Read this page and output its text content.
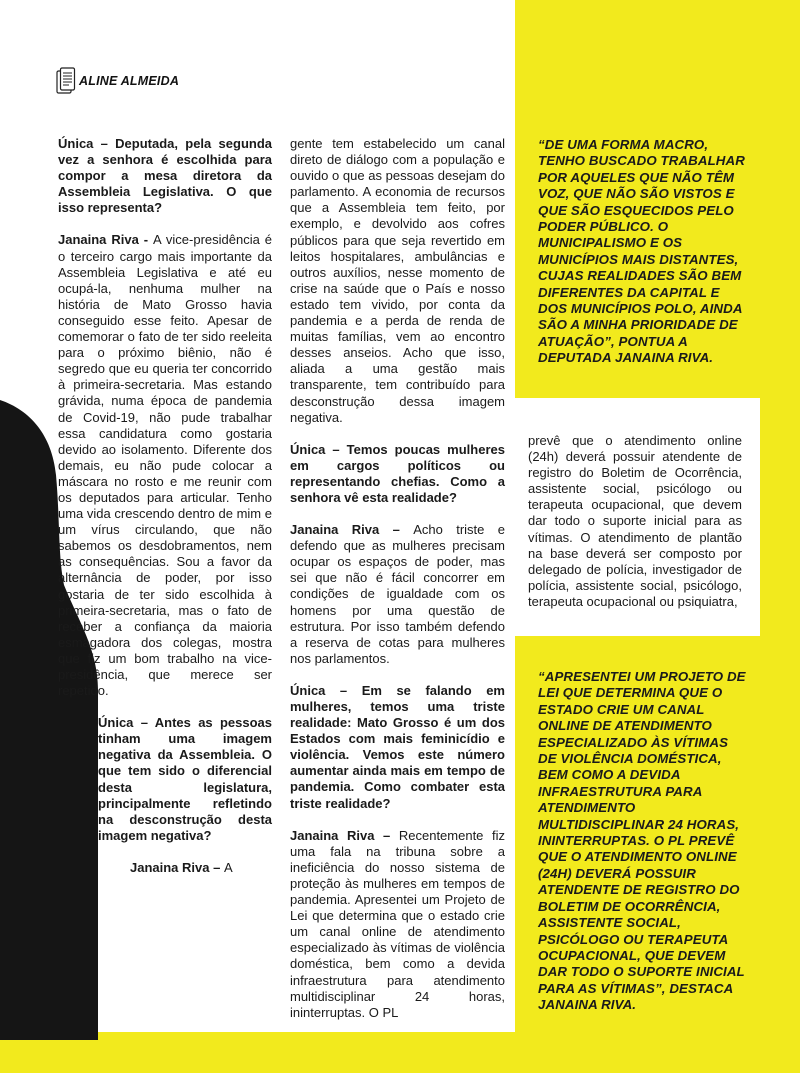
ALINE ALMEIDA

Única – Deputada, pela segunda vez a senhora é escolhida para compor a mesa diretora da Assembleia Legislativa. O que isso representa?

Janaina Riva - A vice-presidência é o terceiro cargo mais importante da Assembleia Legislativa e até eu ocupá-la, nenhuma mulher na história de Mato Grosso havia conseguido esse feito. Apesar de comemorar o fato de ter sido reeleita para o próximo biênio, não é segredo que eu queria ter concorrido à primeira-secretaria. Mas estando grávida, numa época de pandemia de Covid-19, não pude trabalhar essa candidatura como gostaria devido ao isolamento. Diferente dos demais, eu não pude colocar a máscara no rosto e me reunir com os deputados para articular. Tenho uma vida crescendo dentro de mim e um vírus circulando, que não sabemos os desdobramentos, nem as consequências. Sou a favor da alternância de poder, por isso gostaria de ter sido escolhida à primeira-secretaria, mas o fato de receber a confiança da maioria esmagadora dos colegas, mostra que fiz um bom trabalho na vice-presidência, que merece ser repetido.

Única – Antes as pessoas tinham uma imagem negativa da Assembleia. O que tem sido o diferencial desta legislatura, principalmente refletindo na desconstrução desta imagem negativa?

Janaina Riva – A

gente tem estabelecido um canal direto de diálogo com a população e ouvido o que as pessoas desejam do parlamento. A economia de recursos que a Assembleia tem feito, por exemplo, e devolvido aos cofres públicos para que seja revertido em leitos hospitalares, ambulâncias e outros auxílios, nesse momento de crise na saúde que o País e nosso estado tem vivido, por conta da pandemia e a perda de renda de muitas famílias, vem ao encontro desses anseios. Acho que isso, aliada a uma gestão mais transparente, tem contribuído para desconstrução dessa imagem negativa.

Única – Temos poucas mulheres em cargos políticos ou representando chefias. Como a senhora vê esta realidade?

Janaina Riva – Acho triste e defendo que as mulheres precisam ocupar os espaços de poder, mas sei que não é fácil concorrer em condições de igualdade com os homens por uma questão de estrutura. Por isso também defendo a reserva de cotas para mulheres nos parlamentos.

Única – Em se falando em mulheres, temos uma triste realidade: Mato Grosso é um dos Estados com mais feminicídio e violência. Vemos este número aumentar ainda mais em tempo de pandemia. Como combater esta triste realidade?

Janaina Riva – Recentemente fiz uma fala na tribuna sobre a ineficiência do nosso sistema de proteção às mulheres em tempos de pandemia. Apresentei um Projeto de Lei que determina que o estado crie um canal online de atendimento especializado às vítimas de violência doméstica, bem como a devida infraestrutura para atendimento multidisciplinar 24 horas, ininterruptas. O PL

prevê que o atendimento online (24h) deverá possuir atendente de registro do Boletim de Ocorrência, assistente social, psicólogo ou terapeuta ocupacional, que devem dar todo o suporte inicial para as vítimas. O atendimento de plantão na base deverá ser composto por delegado de polícia, investigador de polícia, assistente social, psicólogo, terapeuta ocupacional ou psiquiatra,

“DE UMA FORMA MACRO, TENHO BUSCADO TRABALHAR POR AQUELES QUE NÃO TÊM VOZ, QUE NÃO SÃO VISTOS E QUE SÃO ESQUECIDOS PELO PODER PÚBLICO. O MUNICIPALISMO E OS MUNICÍPIOS MAIS DISTANTES, CUJAS REALIDADES SÃO BEM DIFERENTES DA CAPITAL E DOS MUNICÍPIOS POLO, AINDA SÃO A MINHA PRIORIDADE DE ATUAÇÃO”, PONTUA A DEPUTADA JANAINA RIVA.
“APRESENTEI UM PROJETO DE LEI QUE DETERMINA QUE O ESTADO CRIE UM CANAL ONLINE DE ATENDIMENTO ESPECIALIZADO ÀS VÍTIMAS DE VIOLÊNCIA DOMÉSTICA, BEM COMO A DEVIDA INFRAESTRUTURA PARA ATENDIMENTO MULTIDISCIPLINAR 24 HORAS, ININTERRUPTAS. O PL PREVÊ QUE O ATENDIMENTO ONLINE (24H) DEVERÁ POSSUIR ATENDENTE DE REGISTRO DO BOLETIM DE OCORRÊNCIA, ASSISTENTE SOCIAL, PSICÓLOGO OU TERAPEUTA OCUPACIONAL, QUE DEVEM DAR TODO O SUPORTE INICIAL PARA AS VÍTIMAS”, DESTACA JANAINA RIVA.
